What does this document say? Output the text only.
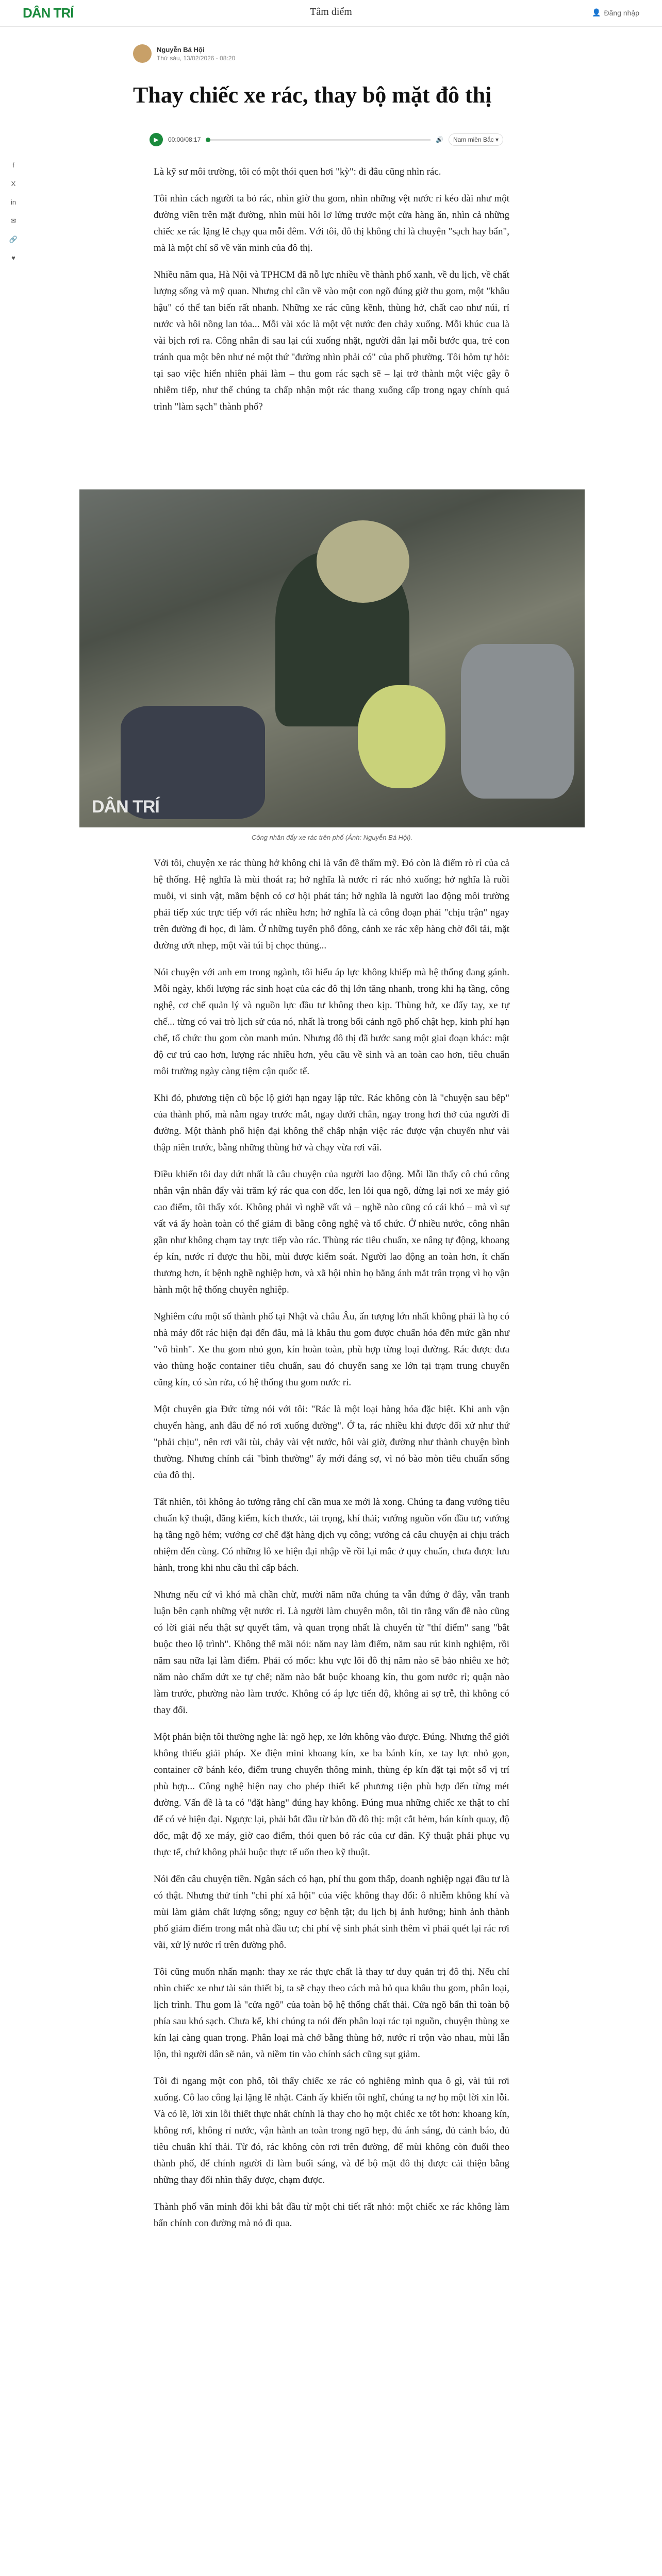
DÂN TRÍ	Tâm điểm	👤 Đăng nhập
f
X
in
✉
🔗
♥
Nguyễn Bá Hội
Thứ sáu, 13/02/2026 - 08:20
Thay chiếc xe rác, thay bộ mặt đô thị
▶	00:00/08:17	🔊	Nam miền Bắc ▾

Là kỹ sư môi trường, tôi có một thói quen hơi "kỳ": đi đâu cũng nhìn rác.

Tôi nhìn cách người ta bỏ rác, nhìn giờ thu gom, nhìn những vệt nước rỉ kéo dài như một đường viền trên mặt đường, nhìn mùi hôi lơ lửng trước một cửa hàng ăn, nhìn cả những chiếc xe rác lặng lẽ chạy qua mỗi đêm. Với tôi, đô thị không chỉ là chuyện "sạch hay bẩn", mà là một chỉ số về văn minh của đô thị.

Nhiều năm qua, Hà Nội và TPHCM đã nỗ lực nhiều về thành phố xanh, về du lịch, về chất lượng sống và mỹ quan. Nhưng chỉ cần về vào một con ngõ đúng giờ thu gom, một "khâu hậu" có thể tan biến rất nhanh. Những xe rác cũng kềnh, thùng hở, chất cao như núi, rỉ nước và hôi nồng lan tỏa... Mỗi vài xóc là một vệt nước đen chảy xuống. Mỗi khúc cua là vài bịch rơi ra. Công nhân đi sau lại cúi xuống nhặt, người dân lại mỗi bước qua, trẻ con tránh qua một bên như né một thứ "đường nhìn phải có" của phố phường. Tôi hỏm tự hỏi: tại sao việc hiển nhiên phải làm – thu gom rác sạch sẽ – lại trở thành một việc gây ô nhiễm tiếp, như thể chúng ta chấp nhận một rác thang xuống cấp trong ngay chính quá trình "làm sạch" thành phố?

DÂN TRÍ
Công nhân đẩy xe rác trên phố (Ảnh: Nguyễn Bá Hội).

Với tôi, chuyện xe rác thùng hở không chỉ là vấn đề thẩm mỹ. Đó còn là điểm rò rỉ của cả hệ thống. Hệ nghĩa là mùi thoát ra; hở nghĩa là nước rỉ rác nhỏ xuống; hở nghĩa là ruồi muỗi, vi sinh vật, mầm bệnh có cơ hội phát tán; hở nghĩa là người lao động môi trường phải tiếp xúc trực tiếp với rác nhiều hơn; hở nghĩa là cả công đoạn phải "chịu trận" ngay trên đường đi học, đi làm. Ở những tuyến phố đông, cảnh xe rác xếp hàng chờ đổi tải, mặt đường ướt nhẹp, một vài túi bị chọc thủng...

Nói chuyện với anh em trong ngành, tôi hiểu áp lực không khiếp mà hệ thống đang gánh. Mỗi ngày, khối lượng rác sinh hoạt của các đô thị lớn tăng nhanh, trong khi hạ tầng, công nghệ, cơ chế quản lý và nguồn lực đầu tư không theo kịp. Thùng hở, xe đẩy tay, xe tự chế... từng có vai trò lịch sử của nó, nhất là trong bối cảnh ngõ phố chật hẹp, kinh phí hạn chế, tổ chức thu gom còn manh mún. Nhưng đô thị đã bước sang một giai đoạn khác: mật độ cư trú cao hơn, lượng rác nhiều hơn, yêu cầu về sinh và an toàn cao hơn, tiêu chuẩn môi trường ngày càng tiệm cận quốc tế.

Khi đó, phương tiện cũ bộc lộ giới hạn ngay lập tức. Rác không còn là "chuyện sau bếp" của thành phố, mà nằm ngay trước mắt, ngay dưới chân, ngay trong hơi thở của người đi đường. Một thành phố hiện đại không thể chấp nhận việc rác được vận chuyển như vài thập niên trước, bằng những thùng hở và chạy vừa rơi vãi.

Điều khiến tôi day dứt nhất là câu chuyện của người lao động. Mỗi lần thấy cô chú công nhân vận nhân đẩy vài trăm ký rác qua con dốc, len lỏi qua ngõ, dừng lại nơi xe máy gió cao điểm, tôi thấy xót. Không phải vì nghề vất vả – nghề nào cũng có cái khó – mà vì sự vất vả ấy hoàn toàn có thể giảm đi bằng công nghệ và tổ chức. Ở nhiều nước, công nhân gần như không chạm tay trực tiếp vào rác. Thùng rác tiêu chuẩn, xe nâng tự động, khoang ép kín, nước rỉ được thu hồi, mùi được kiểm soát. Người lao động an toàn hơn, ít chấn thương hơn, ít bệnh nghề nghiệp hơn, và xã hội nhìn họ bằng ánh mắt trân trọng vì họ vận hành một hệ thống chuyên nghiệp.

Nghiêm cứu một số thành phố tại Nhật và châu Âu, ấn tượng lớn nhất không phải là họ có nhà máy đốt rác hiện đại đến đâu, mà là khâu thu gom được chuẩn hóa đến mức gần như "vô hình". Xe thu gom nhỏ gọn, kín hoàn toàn, phù hợp từng loại đường. Rác được đưa vào thùng hoặc container tiêu chuẩn, sau đó chuyển sang xe lớn tại trạm trung chuyển cũng kín, có sàn rửa, có hệ thống thu gom nước rỉ.

Một chuyên gia Đức từng nói với tôi: "Rác là một loại hàng hóa đặc biệt. Khi anh vận chuyển hàng, anh đâu để nó rơi xuống đường". Ở ta, rác nhiều khi được đối xử như thứ "phải chịu", nên rơi vãi tùi, chảy vài vệt nước, hôi vài giờ, đường như thành chuyện bình thường. Nhưng chính cái "bình thường" ấy mới đáng sợ, vì nó bào mòn tiêu chuẩn sống của đô thị.

Tất nhiên, tôi không ảo tưởng rằng chỉ cần mua xe mới là xong. Chúng ta đang vướng tiêu chuẩn kỹ thuật, đăng kiểm, kích thước, tải trọng, khí thải; vướng nguồn vốn đầu tư; vướng hạ tầng ngõ hẻm; vướng cơ chế đặt hàng dịch vụ công; vướng cả câu chuyện ai chịu trách nhiệm đến cùng. Có những lô xe hiện đại nhập về rồi lại mắc ở quy chuẩn, chưa được lưu hành, trong khi nhu cầu thì cấp bách.

Nhưng nếu cứ vì khó mà chần chừ, mười năm nữa chúng ta vẫn đứng ở đây, vẫn tranh luận bên cạnh những vệt nước rỉ. Là người làm chuyên môn, tôi tin rằng vấn đề nào cũng có lời giải nếu thật sự quyết tâm, và quan trọng nhất là chuyển từ "thí điểm" sang "bắt buộc theo lộ trình". Không thể mãi nói: năm nay làm điểm, năm sau rút kinh nghiệm, rồi năm sau nữa lại làm điểm. Phải có mốc: khu vực lõi đô thị năm nào sẽ bảo nhiêu xe hở; năm nào chấm dứt xe tự chế; năm nào bắt buộc khoang kín, thu gom nước rỉ; quận nào làm trước, phường nào làm trước. Không có áp lực tiến độ, không ai sợ trễ, thì không có thay đổi.

Một phản biện tôi thường nghe là: ngõ hẹp, xe lớn không vào được. Đúng. Nhưng thế giới không thiếu giải pháp. Xe điện mini khoang kín, xe ba bánh kín, xe tay lực nhỏ gọn, container cỡ bánh kéo, điểm trung chuyển thông minh, thùng ép kín đặt tại một số vị trí phù hợp... Công nghệ hiện nay cho phép thiết kế phương tiện phù hợp đến từng mét đường. Vấn đề là ta có "đặt hàng" đúng hay không. Đúng mua những chiếc xe thật to chỉ để có vẻ hiện đại. Ngược lại, phải bắt đầu từ bản đồ đô thị: mật cắt hẻm, bán kính quay, độ dốc, mật độ xe máy, giờ cao điểm, thói quen bỏ rác của cư dân. Kỹ thuật phải phục vụ thực tế, chứ không phải buộc thực tế uốn theo kỹ thuật.

Nói đến câu chuyện tiền. Ngân sách có hạn, phí thu gom thấp, doanh nghiệp ngại đầu tư là có thật. Nhưng thử tính "chi phí xã hội" của việc không thay đổi: ô nhiễm không khí và mùi làm giảm chất lượng sống; nguy cơ bệnh tật; du lịch bị ảnh hưởng; hình ảnh thành phố giảm điểm trong mắt nhà đầu tư; chi phí vệ sinh phát sinh thêm vì phải quét lại rác rơi vãi, xử lý nước rỉ trên đường phố.

Tôi cũng muốn nhấn mạnh: thay xe rác thực chất là thay tư duy quản trị đô thị. Nếu chỉ nhìn chiếc xe như tài sản thiết bị, ta sẽ chạy theo cách mà bỏ qua khâu thu gom, phân loại, lịch trình. Thu gom là "cửa ngõ" của toàn bộ hệ thống chất thải. Cửa ngõ bẩn thì toàn bộ phía sau khó sạch. Chưa kể, khi chúng ta nói đến phân loại rác tại nguồn, chuyện thùng xe kín lại càng quan trọng. Phân loại mà chở bằng thùng hở, nước rỉ trộn vào nhau, mùi lẫn lộn, thì người dân sẽ nản, và niềm tin vào chính sách cũng sụt giảm.

Tôi đi ngang một con phố, tôi thấy chiếc xe rác có nghiêng mình qua ô gì, vài túi rơi xuống. Cô lao công lại lặng lẽ nhặt. Cảnh ấy khiến tôi nghĩ, chúng ta nợ họ một lời xin lỗi. Và có lẽ, lời xin lỗi thiết thực nhất chính là thay cho họ một chiếc xe tốt hơn: khoang kín, không rơi, không rỉ nước, vận hành an toàn trong ngõ hẹp, đủ ánh sáng, đủ cảnh báo, đủ tiêu chuẩn khí thải. Từ đó, rác không còn rơi trên đường, để mùi không còn đuổi theo thành phố, để chính người đi làm buổi sáng, và để bộ mặt đô thị được cải thiện bằng những thay đổi nhìn thấy được, chạm được.

Thành phố văn minh đôi khi bắt đầu từ một chi tiết rất nhỏ: một chiếc xe rác không làm bẩn chính con đường mà nó đi qua.
